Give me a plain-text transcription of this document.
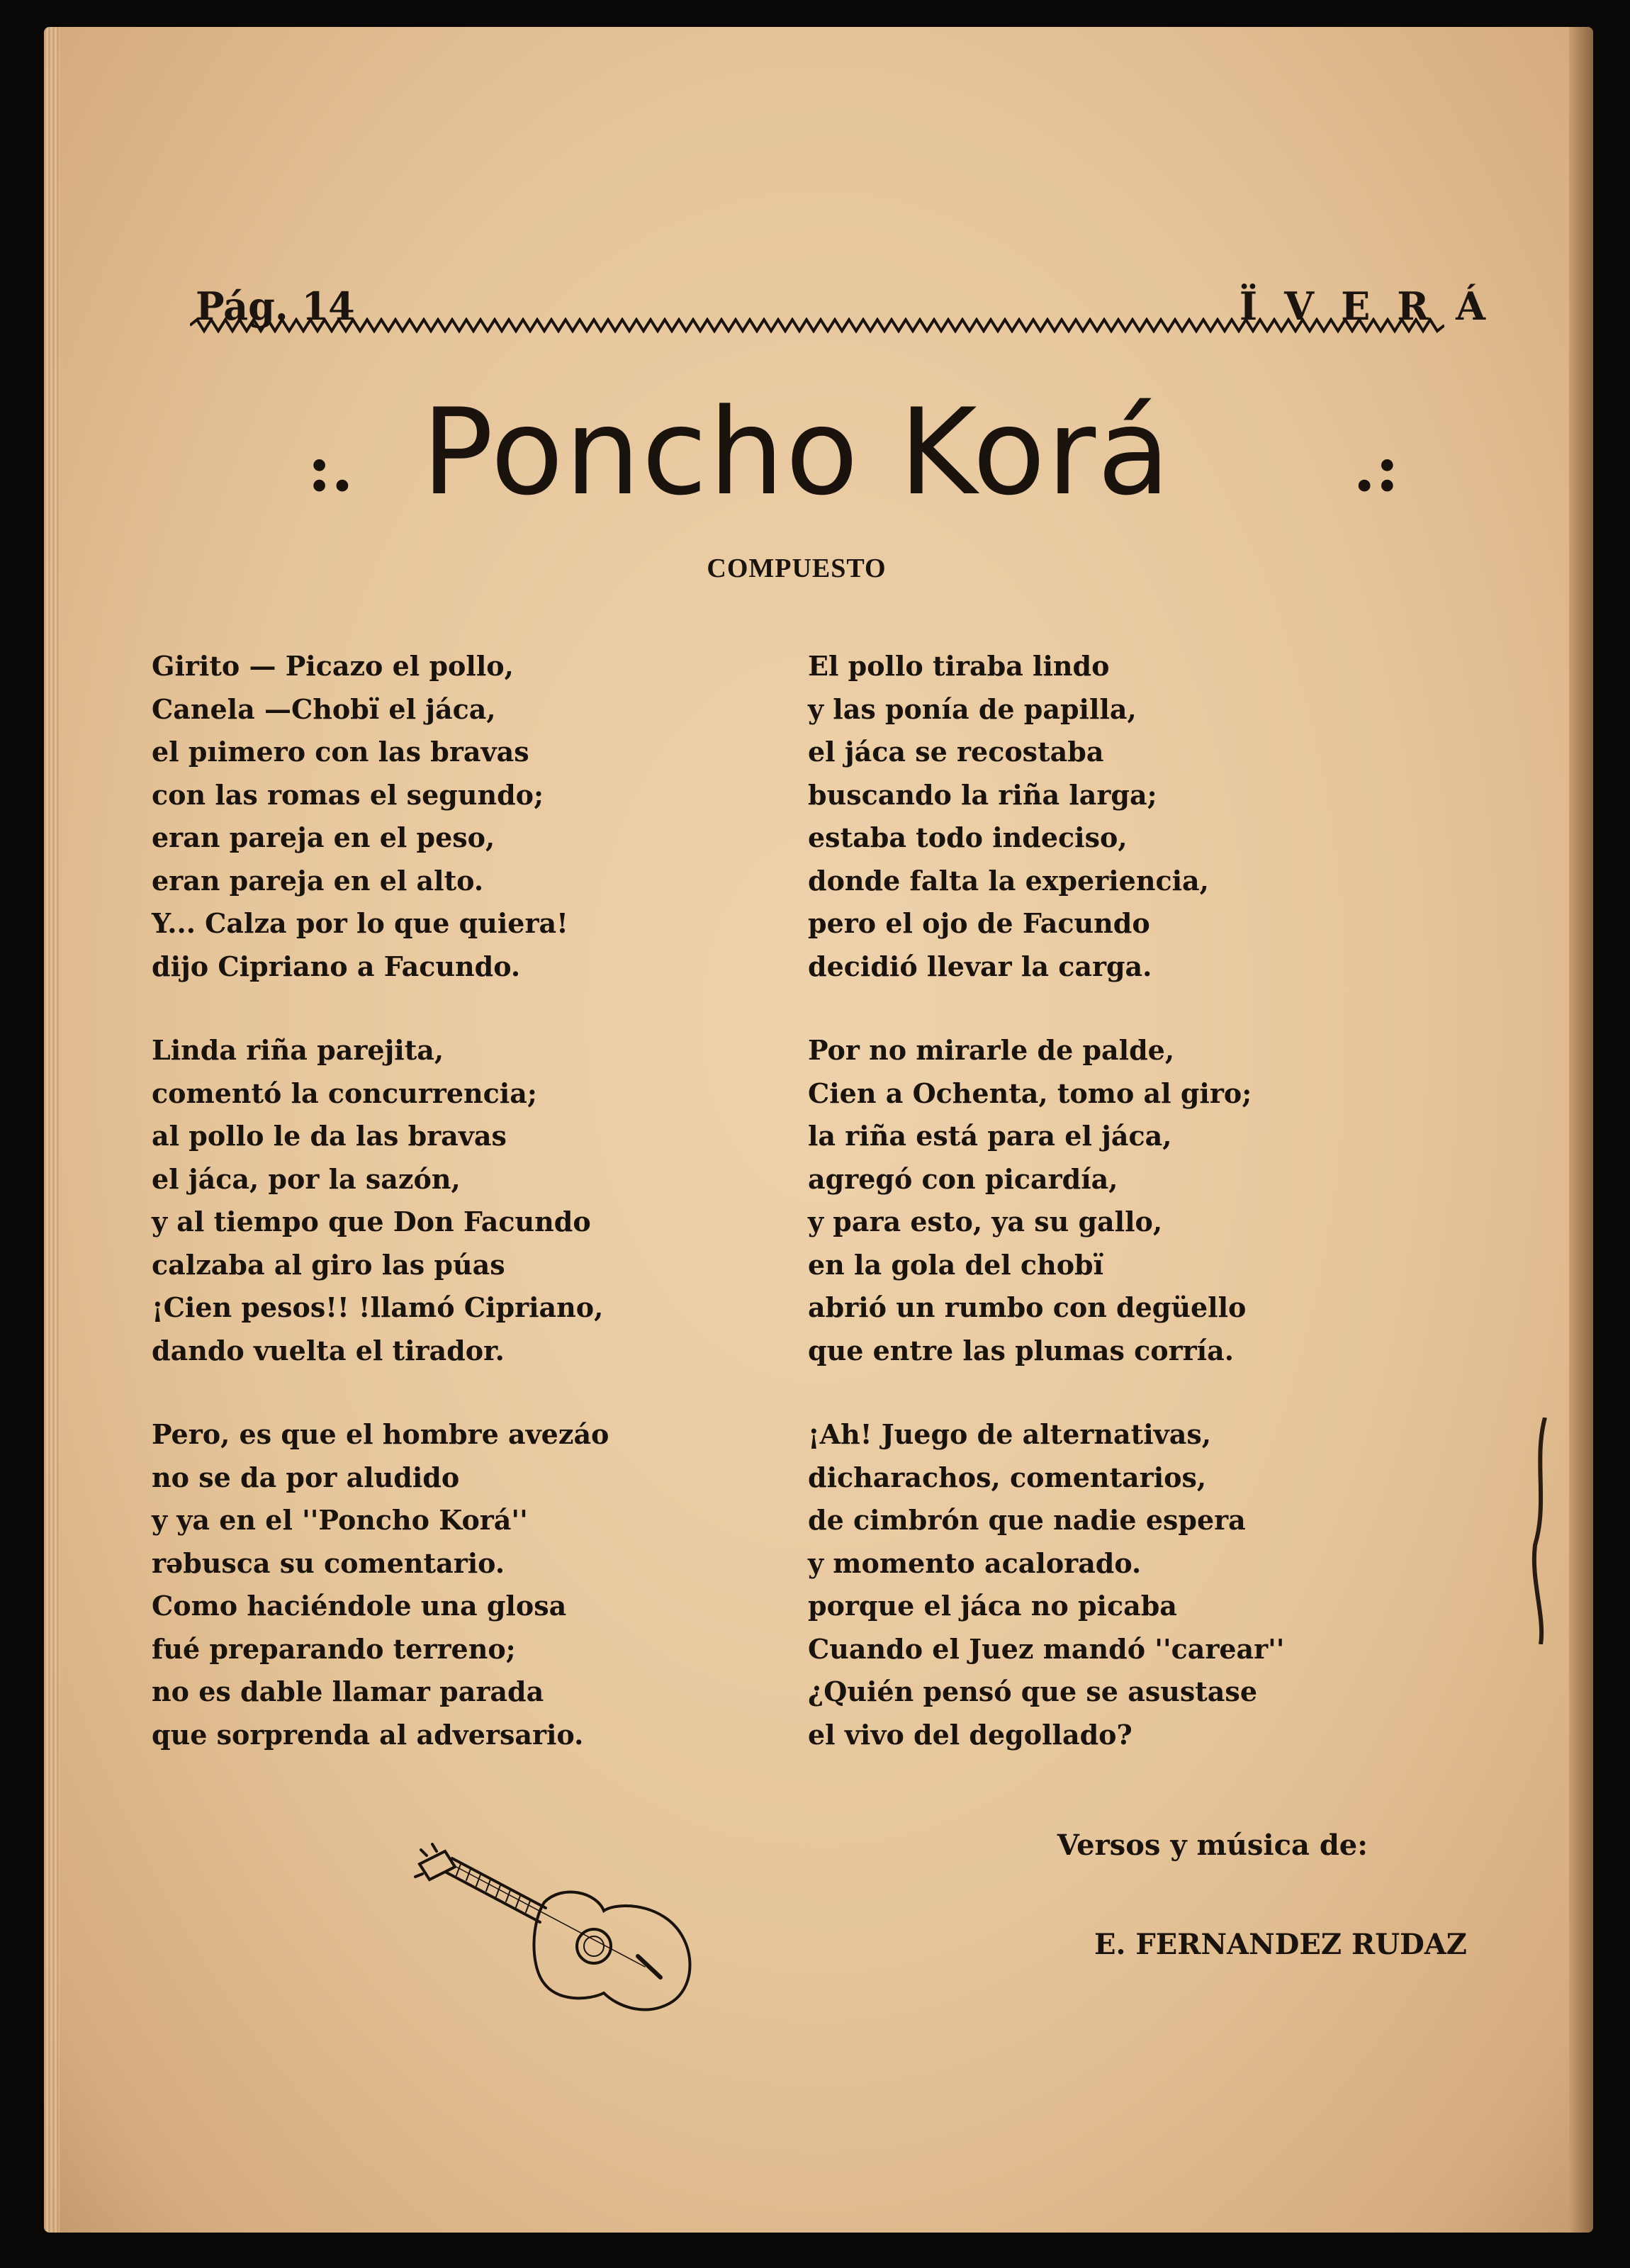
Pág. 14	ÏVERÁ
:. Poncho Korá	.:
COMPUESTO
Girito — Picazo el pollo,
Canela —Chobï el jáca,
el pıimero con las bravas
con las romas el segundo;
eran pareja en el peso,
eran pareja en el alto.
Y... Calza por lo que quiera!
dijo Cipriano a Facundo.
Linda riña parejita,
comentó la concurrencia;
al pollo le da las bravas
el jáca, por la sazón,
y al tiempo que Don Facundo
calzaba al giro las púas
¡Cien pesos!! !llamó Cipriano,
dando vuelta el tirador.
Pero, es que el hombre avezáo
no se da por aludido
y ya en el ''Poncho Korá''
rəbusca su comentario.
Como haciéndole una glosa
fué preparando terreno;
no es dable llamar parada
que sorprenda al adversario.
El pollo tiraba lindo
y las ponía de papilla,
el jáca se recostaba
buscando la riña larga;
estaba todo indeciso,
donde falta la experiencia,
pero el ojo de Facundo
decidió llevar la carga.
Por no mirarle de palde,
Cien a Ochenta, tomo al giro;
la riña está para el jáca,
agregó con picardía,
y para esto, ya su gallo,
en la gola del chobï
abrió un rumbo con degüello
que entre las plumas corría.
¡Ah! Juego de alternativas,
dicharachos, comentarios,
de cimbrón que nadie espera
y momento acalorado.
porque el jáca no picaba
Cuando el Juez mandó ''carear''
¿Quién pensó que se asustase
el vivo del degollado?
Versos y música de:
E. FERNANDEZ RUDAZ
